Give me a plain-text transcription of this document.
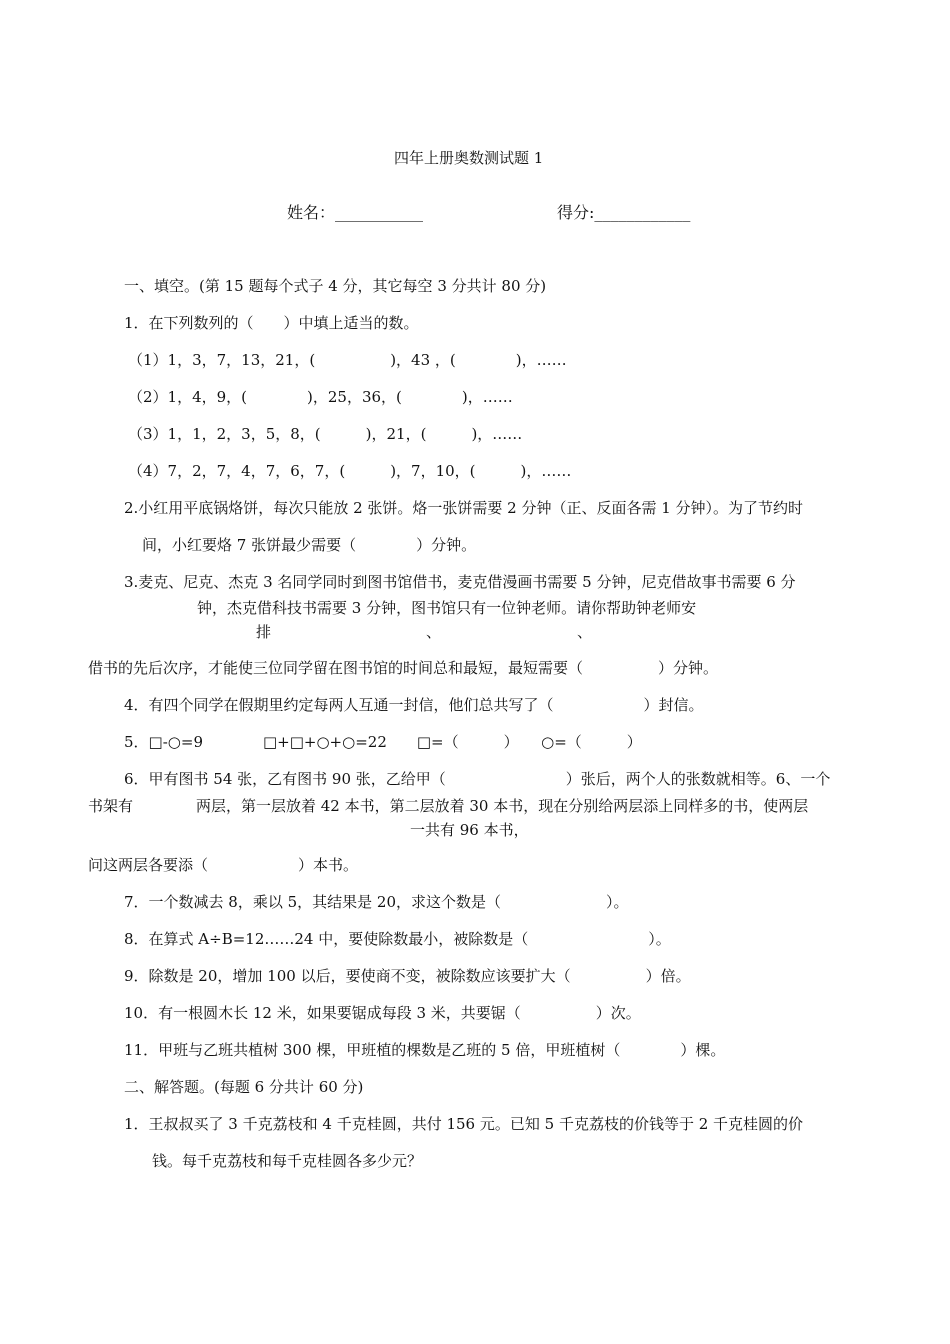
四年上册奥数测试题 1
姓名：___________	得分:____________
一、填空。(第 15 题每个式子 4 分，其它每空 3 分共计 80 分)
1．在下列数列的（　　）中填上适当的数。
（1）1，3，7，13，21，(　　　　　)，43 ，(　　　　)，……
（2）1，4，9，(　　　　)，25，36，(　　　　)，……
（3）1，1，2，3，5，8，(　　　)，21，(　　　)，……
（4）7，2，7，4，7，6，7，(　　　)，7，10，(　　　)，……
2.小红用平底锅烙饼，每次只能放 2 张饼。烙一张饼需要 2 分钟（正、反面各需 1 分钟）。为了节约时
间，小红要烙 7 张饼最少需要（　　　　）分钟。
3.麦克、尼克、杰克 3 名同学同时到图书馆借书，麦克借漫画书需要 5 分钟，尼克借故事书需要 6 分
钟，杰克借科技书需要 3 分钟，图书馆只有一位钟老师。请你帮助钟老师安
排	、	、
借书的先后次序，才能使三位同学留在图书馆的时间总和最短，最短需要（　　　　　）分钟。
4．有四个同学在假期里约定每两人互通一封信，他们总共写了（　　　　　　）封信。
5．□-○=9　　　　□+□+○+○=22　　□=（　　　）　　○=（　　　）
6．甲有图书 54 张，乙有图书 90 张，乙给甲（　　　　　　　　）张后，两个人的张数就相等。6、一个
书架有	两层，第一层放着 42 本书，第二层放着 30 本书，现在分别给两层添上同样多的书，使两层
一共有 96 本书，
问这两层各要添（　　　　　　）本书。
7．一个数减去 8，乘以 5，其结果是 20，求这个数是（　　　　　　　）。
8．在算式 A÷B=12……24 中，要使除数最小，被除数是（　　　　　　　　）。
9．除数是 20，增加 100 以后，要使商不变，被除数应该要扩大（　　　　　）倍。
10．有一根圆木长 12 米，如果要锯成每段 3 米，共要锯（　　　　　）次。
11．甲班与乙班共植树 300 棵，甲班植的棵数是乙班的 5 倍，甲班植树（　　　　）棵。
二、解答题。(每题 6 分共计 60 分)
1．王叔叔买了 3 千克荔枝和 4 千克桂圆，共付 156 元。已知 5 千克荔枝的价钱等于 2 千克桂圆的价
钱。每千克荔枝和每千克桂圆各多少元？
